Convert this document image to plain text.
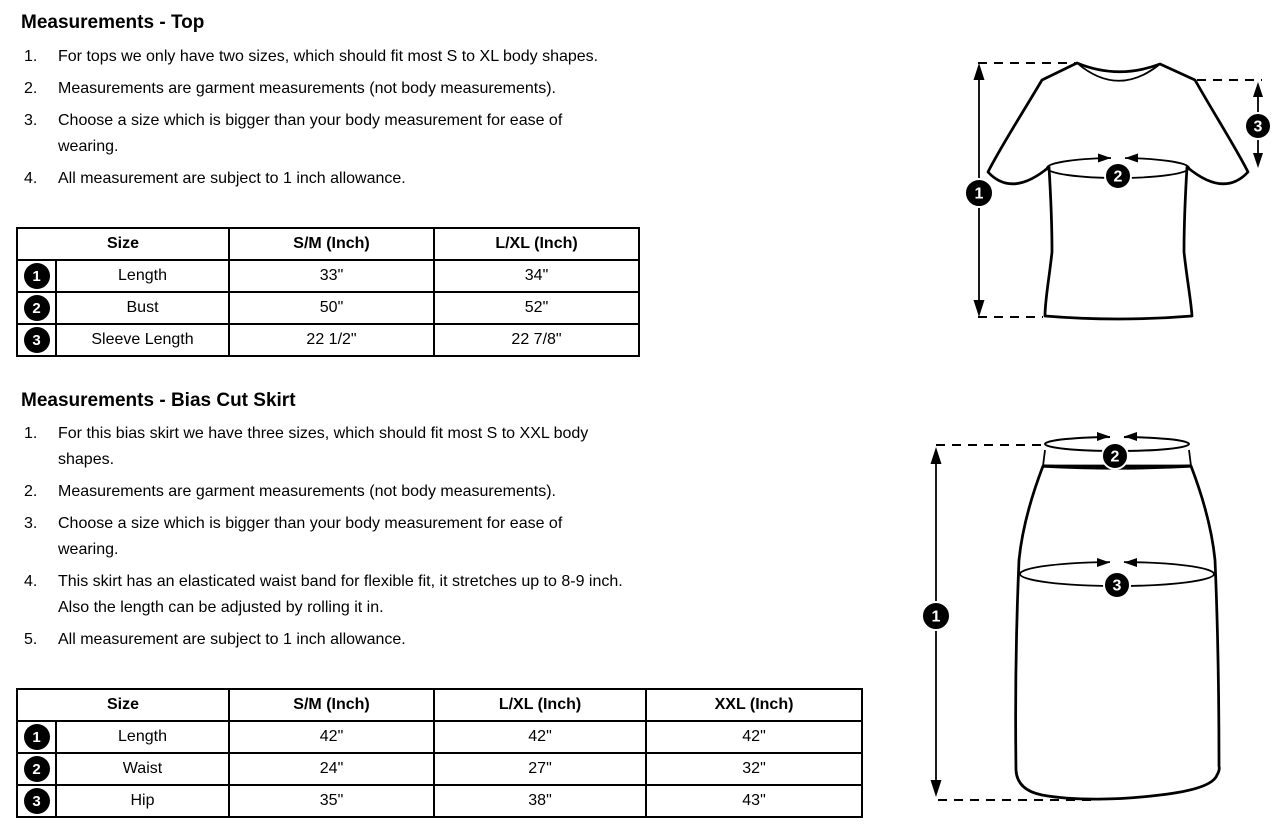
Measurements - Top
For tops we only have two sizes, which should fit most S to XL body shapes.
Measurements are garment measurements (not body measurements).
Choose a size which is bigger than your body measurement for ease of
wearing.
All measurement are subject to 1 inch allowance.
Size		S/M (Inch)	L/XL (Inch)
1	Length	33"	34"
2	Bust	50"	52"
3	Sleeve Length	22 1/2"	22 7/8"
Measurements - Bias Cut Skirt
For this bias skirt we have three sizes, which should fit most S to XXL body
shapes.
Measurements are garment measurements (not body measurements).
Choose a size which is bigger than your body measurement for ease of
wearing.
This skirt has an elasticated waist band for flexible fit, it stretches up to 8-9 inch.
Also the length can be adjusted by rolling it in.
All measurement are subject to 1 inch allowance.
Size		S/M (Inch)	L/XL (Inch)	XXL (Inch)
1	Length	42"	42"	42"
2	Waist	24"	27"	32"
3	Hip	35"	38"	43"
1
2
3
1
2
3
